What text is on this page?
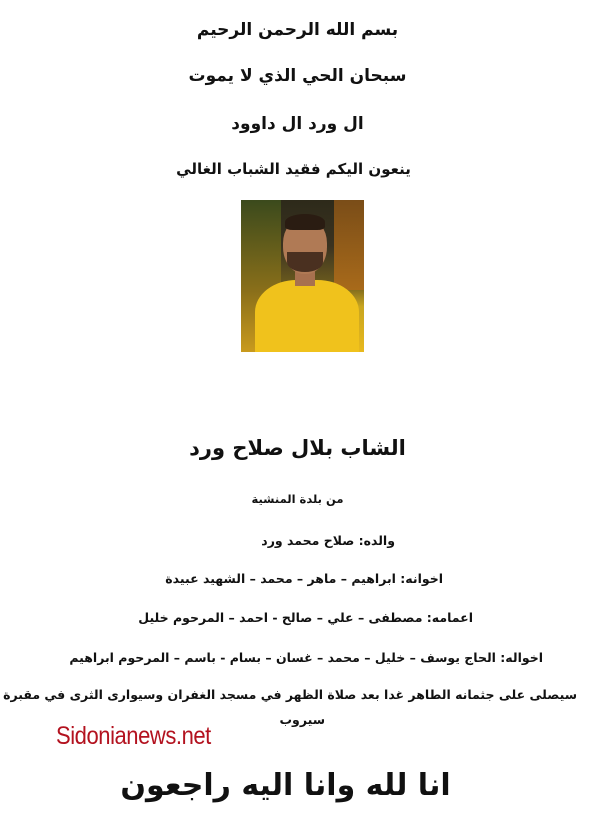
بسم الله الرحمن الرحيم
سبحان الحي الذي لا يموت
ال ورد ال داوود
ينعون اليكم فقيد الشباب الغالي
الشاب بلال صلاح ورد
من بلدة المنشية
والده: صلاح محمد ورد
اخوانه: ابراهيم – ماهر – محمد – الشهيد عبيدة
اعمامه: مصطفى – علي – صالح - احمد – المرحوم خليل
اخواله: الحاج يوسف – خليل – محمد – غسان – بسام - باسم – المرحوم ابراهيم
سيصلى على جثمانه الطاهر غدا بعد صلاة الظهر في مسجد الغفران وسيوارى الثرى في مقبرة
سيروب
Sidonianews.net
انا لله وانا اليه راجعون
